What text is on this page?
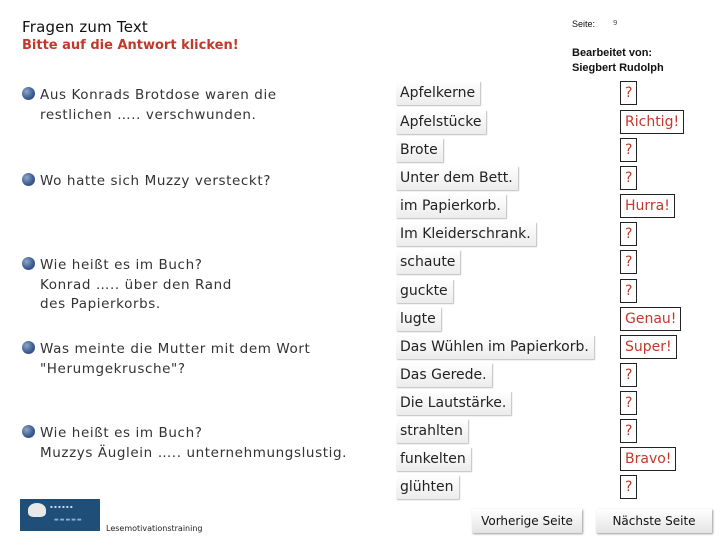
Fragen zum Text
Bitte auf die Antwort klicken!
Seite:	9
Bearbeitet von:
Siegbert Rudolph
Aus Konrads Brotdose waren die
restlichen ….. verschwunden.
Wo hatte sich Muzzy versteckt?
Wie heißt es im Buch?
Konrad ….. über den Rand
des Papierkorbs.
Was meinte die Mutter mit dem Wort
"Herumgekrusche"?
Wie heißt es im Buch?
Muzzys Äuglein ….. unternehmungslustig.
Apfelkerne
Apfelstücke
Brote
Unter dem Bett.
im Papierkorb.
Im Kleiderschrank.
schaute
guckte
lugte
Das Wühlen im Papierkorb.
Das Gerede.
Die Lautstärke.
strahlten
funkelten
glühten
?
Richtig!
?
?
Hurra!
?
?
?
Genau!
Super!
?
?
?
Bravo!
?
▪ ▪ ▪ ▪ ▪ ▪
▬▬▬▬▬
Lesemotivationstraining
Vorherige Seite	Nächste Seite
